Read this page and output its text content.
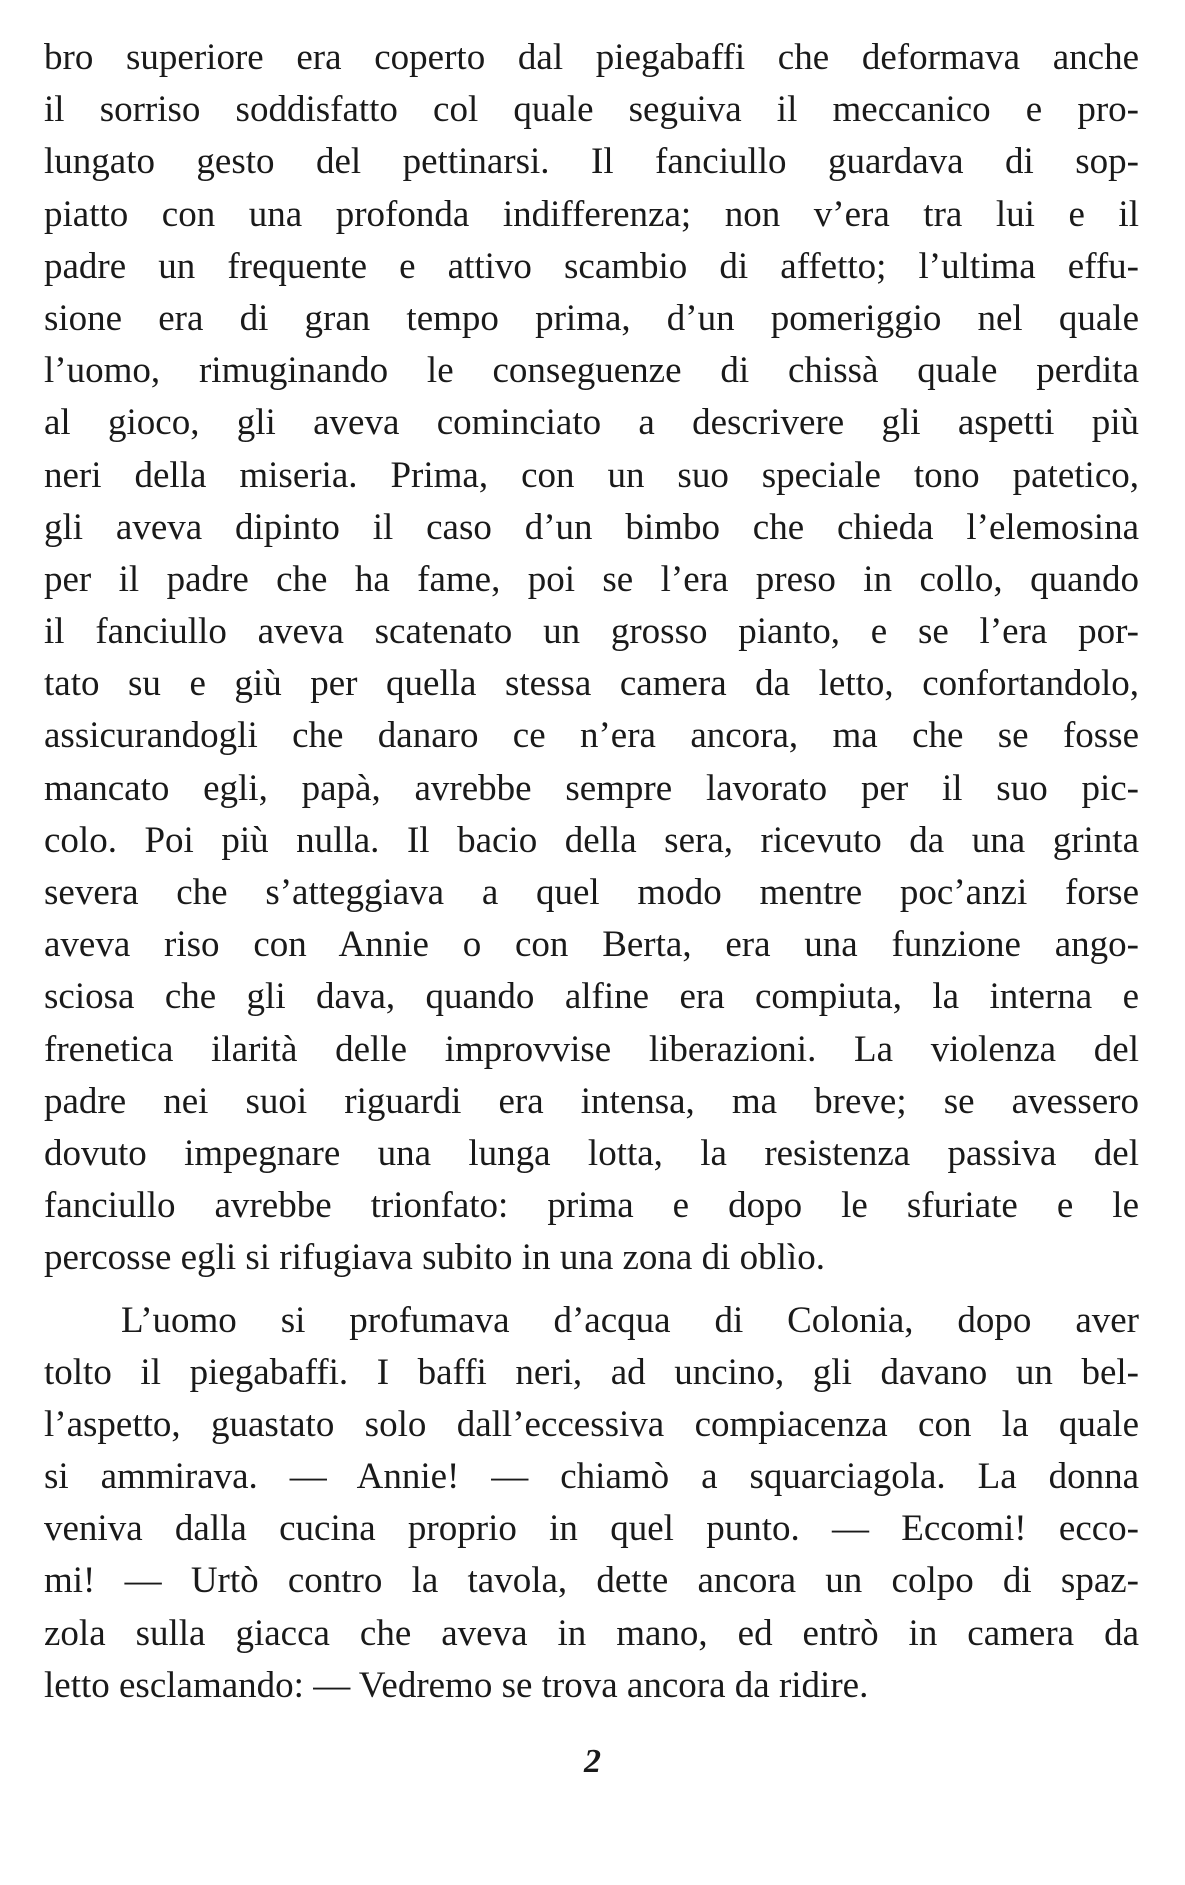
bro superiore era coperto dal piegabaffi che deformava anche
il sorriso soddisfatto col quale seguiva il meccanico e pro-
lungato gesto del pettinarsi. Il fanciullo guardava di sop-
piatto con una profonda indifferenza; non v’era tra lui e il
padre un frequente e attivo scambio di affetto; l’ultima effu-
sione era di gran tempo prima, d’un pomeriggio nel quale
l’uomo, rimuginando le conseguenze di chissà quale perdita
al gioco, gli aveva cominciato a descrivere gli aspetti più
neri della miseria. Prima, con un suo speciale tono patetico,
gli aveva dipinto il caso d’un bimbo che chieda l’elemosina
per il padre che ha fame, poi se l’era preso in collo, quando
il fanciullo aveva scatenato un grosso pianto, e se l’era por-
tato su e giù per quella stessa camera da letto, confortandolo,
assicurandogli che danaro ce n’era ancora, ma che se fosse
mancato egli, papà, avrebbe sempre lavorato per il suo pic-
colo. Poi più nulla. Il bacio della sera, ricevuto da una grinta
severa che s’atteggiava a quel modo mentre poc’anzi forse
aveva riso con Annie o con Berta, era una funzione ango-
sciosa che gli dava, quando alfine era compiuta, la interna e
frenetica ilarità delle improvvise liberazioni. La violenza del
padre nei suoi riguardi era intensa, ma breve; se avessero
dovuto impegnare una lunga lotta, la resistenza passiva del
fanciullo avrebbe trionfato: prima e dopo le sfuriate e le
percosse egli si rifugiava subito in una zona di oblìo.
L’uomo si profumava d’acqua di Colonia, dopo aver
tolto il piegabaffi. I baffi neri, ad uncino, gli davano un bel-
l’aspetto, guastato solo dall’eccessiva compiacenza con la quale
si ammirava. — Annie! — chiamò a squarciagola. La donna
veniva dalla cucina proprio in quel punto. — Eccomi! ecco-
mi! — Urtò contro la tavola, dette ancora un colpo di spaz-
zola sulla giacca che aveva in mano, ed entrò in camera da
letto esclamando: — Vedremo se trova ancora da ridire.
2
